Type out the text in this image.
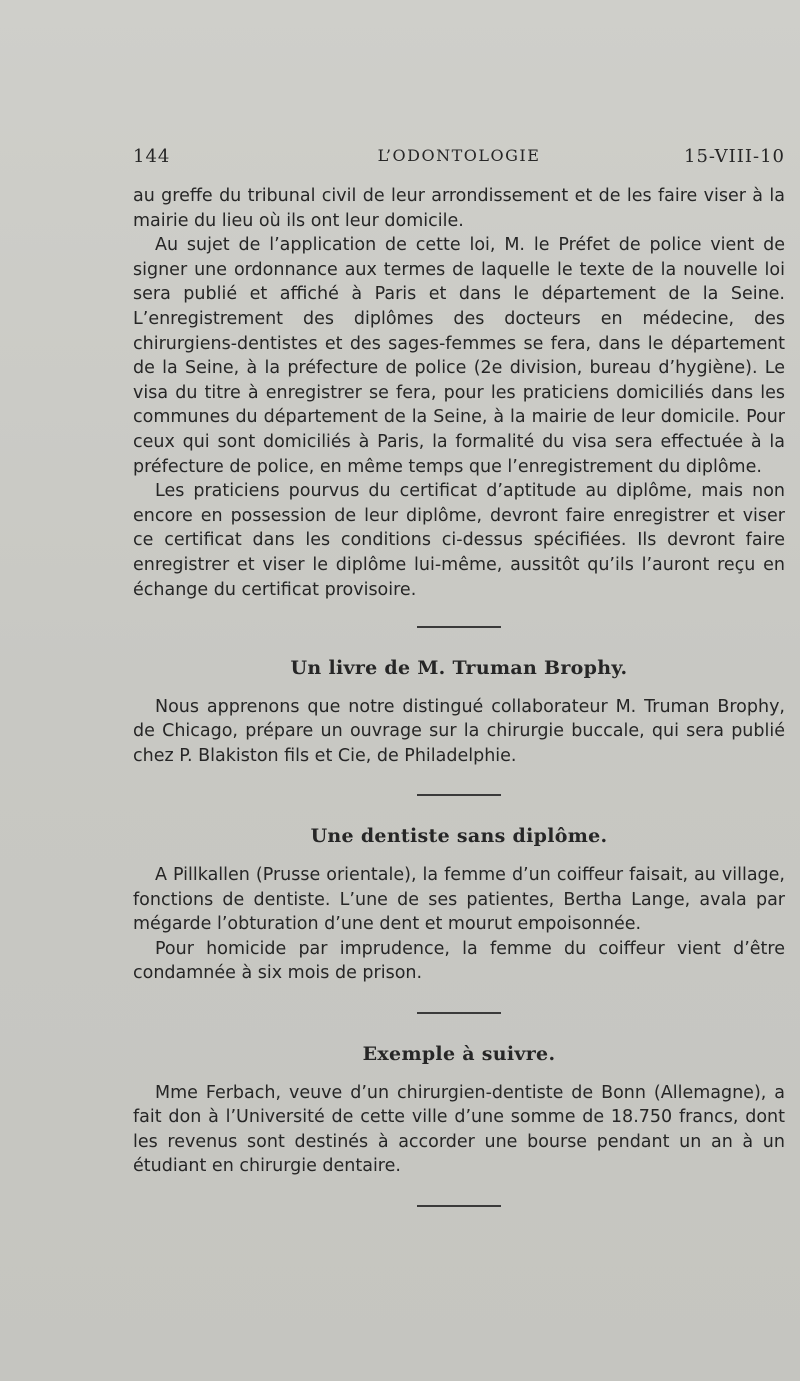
144	L’ODONTOLOGIE	15-VIII-10

au greffe du tribunal civil de leur arrondissement et de les faire viser à la mairie du lieu où ils ont leur domicile.

Au sujet de l’application de cette loi, M. le Préfet de police vient de signer une ordonnance aux termes de laquelle le texte de la nouvelle loi sera publié et affiché à Paris et dans le département de la Seine. L’enregistrement des diplômes des docteurs en médecine, des chirurgiens-dentistes et des sages-femmes se fera, dans le département de la Seine, à la préfecture de police (2e division, bureau d’hygiène). Le visa du titre à enregistrer se fera, pour les praticiens domiciliés dans les communes du département de la Seine, à la mairie de leur domicile. Pour ceux qui sont domiciliés à Paris, la formalité du visa sera effectuée à la préfecture de police, en même temps que l’enregistrement du diplôme.

Les praticiens pourvus du certificat d’aptitude au diplôme, mais non encore en possession de leur diplôme, devront faire enregistrer et viser ce certificat dans les conditions ci-dessus spécifiées. Ils devront faire enregistrer et viser le diplôme lui-même, aussitôt qu’ils l’auront reçu en échange du certificat provisoire.

Un livre de M. Truman Brophy.

Nous apprenons que notre distingué collaborateur M. Truman Brophy, de Chicago, prépare un ouvrage sur la chirurgie buccale, qui sera publié chez P. Blakiston fils et Cie, de Philadelphie.

Une dentiste sans diplôme.

A Pillkallen (Prusse orientale), la femme d’un coiffeur faisait, au village, fonctions de dentiste. L’une de ses patientes, Bertha Lange, avala par mégarde l’obturation d’une dent et mourut empoisonnée.

Pour homicide par imprudence, la femme du coiffeur vient d’être condamnée à six mois de prison.

Exemple à suivre.

Mme Ferbach, veuve d’un chirurgien-dentiste de Bonn (Allemagne), a fait don à l’Université de cette ville d’une somme de 18.750 francs, dont les revenus sont destinés à accorder une bourse pendant un an à un étudiant en chirurgie dentaire.
